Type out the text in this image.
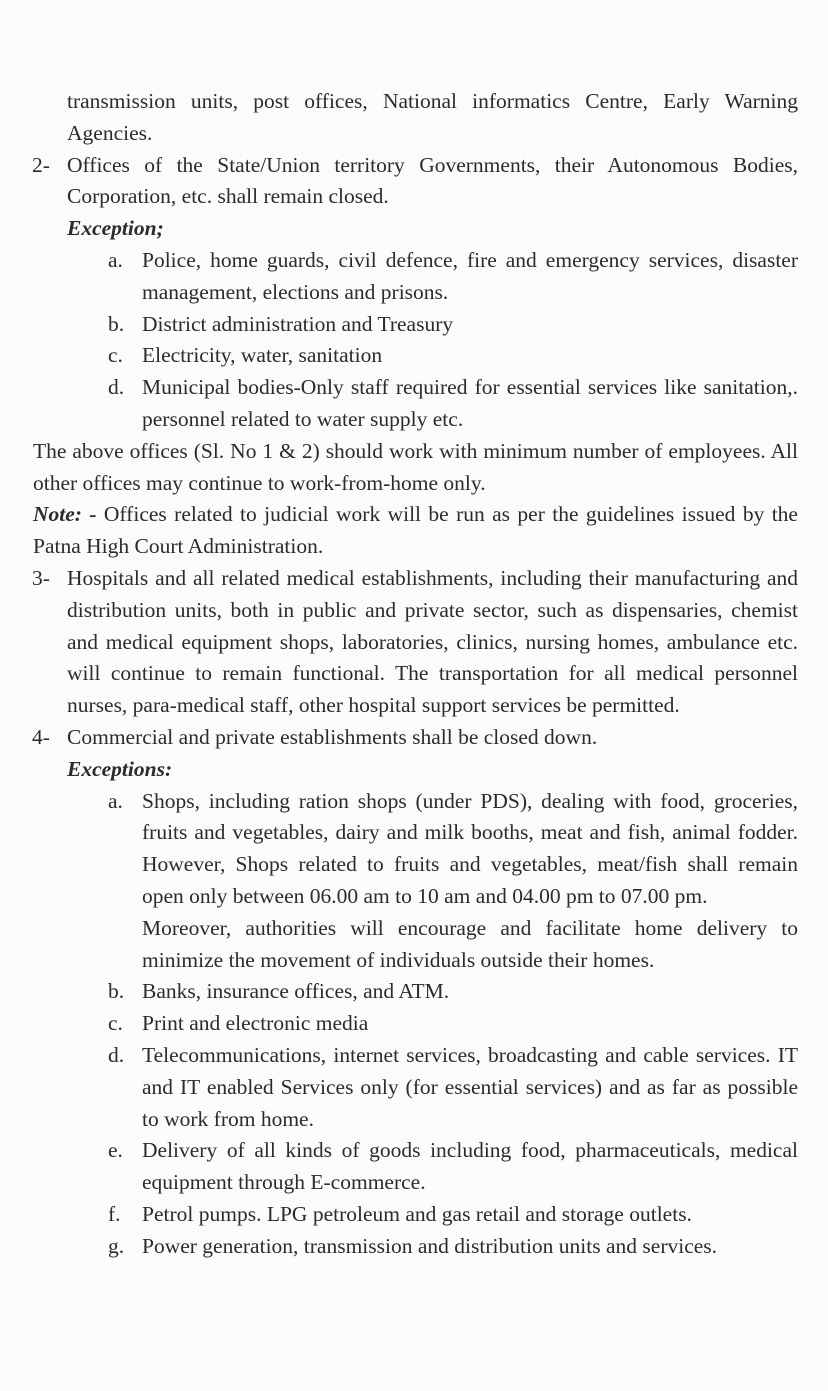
transmission units, post offices, National informatics Centre, Early Warning Agencies.
2- Offices of the State/Union territory Governments, their Autonomous Bodies, Corporation, etc. shall remain closed.
Exception;
a. Police, home guards, civil defence, fire and emergency services, disaster management, elections and prisons.
b. District administration and Treasury
c. Electricity, water, sanitation
d. Municipal bodies-Only staff required for essential services like sanitation,. personnel related to water supply etc.
The above offices (Sl. No 1 & 2) should work with minimum number of employees. All other offices may continue to work-from-home only.
Note: - Offices related to judicial work will be run as per the guidelines issued by the Patna High Court Administration.
3- Hospitals and all related medical establishments, including their manufacturing and distribution units, both in public and private sector, such as dispensaries, chemist and medical equipment shops, laboratories, clinics, nursing homes, ambulance etc. will continue to remain functional. The transportation for all medical personnel nurses, para-medical staff, other hospital support services be permitted.
4- Commercial and private establishments shall be closed down.
Exceptions:
a. Shops, including ration shops (under PDS), dealing with food, groceries, fruits and vegetables, dairy and milk booths, meat and fish, animal fodder. However, Shops related to fruits and vegetables, meat/fish shall remain open only between 06.00 am to 10 am and 04.00 pm to 07.00 pm.
Moreover, authorities will encourage and facilitate home delivery to minimize the movement of individuals outside their homes.
b. Banks, insurance offices, and ATM.
c. Print and electronic media
d. Telecommunications, internet services, broadcasting and cable services. IT and IT enabled Services only (for essential services) and as far as possible to work from home.
e. Delivery of all kinds of goods including food, pharmaceuticals, medical equipment through E-commerce.
f. Petrol pumps. LPG petroleum and gas retail and storage outlets.
g. Power generation, transmission and distribution units and services.
